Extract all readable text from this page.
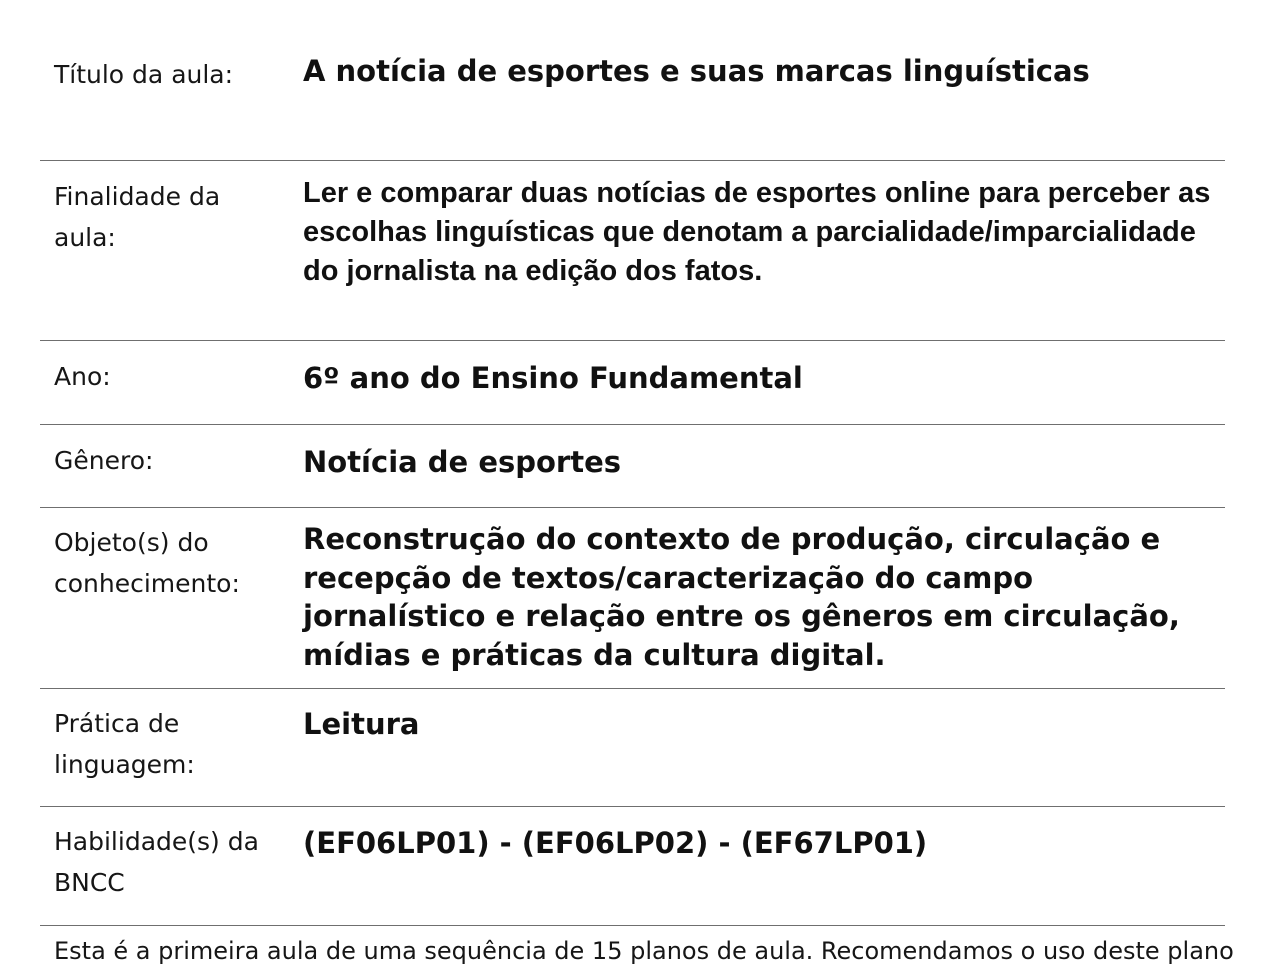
Título da aula:	A notícia de esportes e suas marcas linguísticas
Finalidade da aula:
Ler e comparar duas notícias de esportes online para perceber as escolhas linguísticas que denotam a parcialidade/imparcialidade do jornalista na edição dos fatos.
Ano:	6º ano do Ensino Fundamental
Gênero:	Notícia de esportes
Objeto(s) do conhecimento:
Reconstrução do contexto de produção, circulação e recepção de textos/caracterização do campo jornalístico e relação entre os gêneros em circulação, mídias e práticas da cultura digital.
Prática de linguagem:
Leitura
Habilidade(s) da BNCC
(EF06LP01) - (EF06LP02) - (EF67LP01)
Esta é a primeira aula de uma sequência de 15 planos de aula. Recomendamos o uso deste plano
